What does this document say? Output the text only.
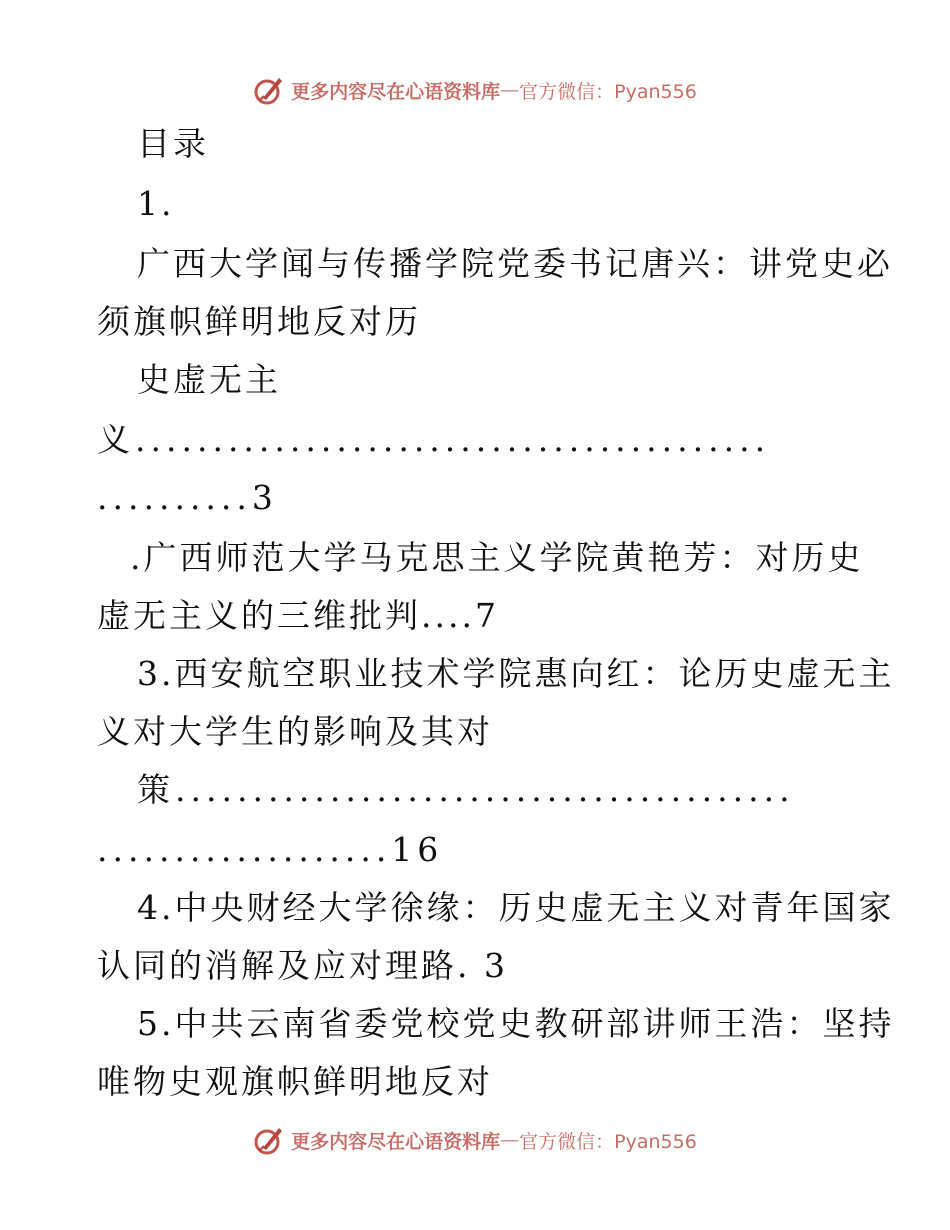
更多内容尽在心语资料库 — 官方微信：Pyan556
目录
1.
广西大学闻与传播学院党委书记唐兴：讲党史必
须旗帜鲜明地反对历
史虚无主
义.........................................
..........3
.广西师范大学马克思主义学院黄艳芳：对历史
虚无主义的三维批判....7
3.西安航空职业技术学院惠向红：论历史虚无主
义对大学生的影响及其对
策........................................
...................16
4.中央财经大学徐缘：历史虚无主义对青年国家
认同的消解及应对理路. 3
5.中共云南省委党校党史教研部讲师王浩：坚持
唯物史观旗帜鲜明地反对
更多内容尽在心语资料库 — 官方微信：Pyan556
